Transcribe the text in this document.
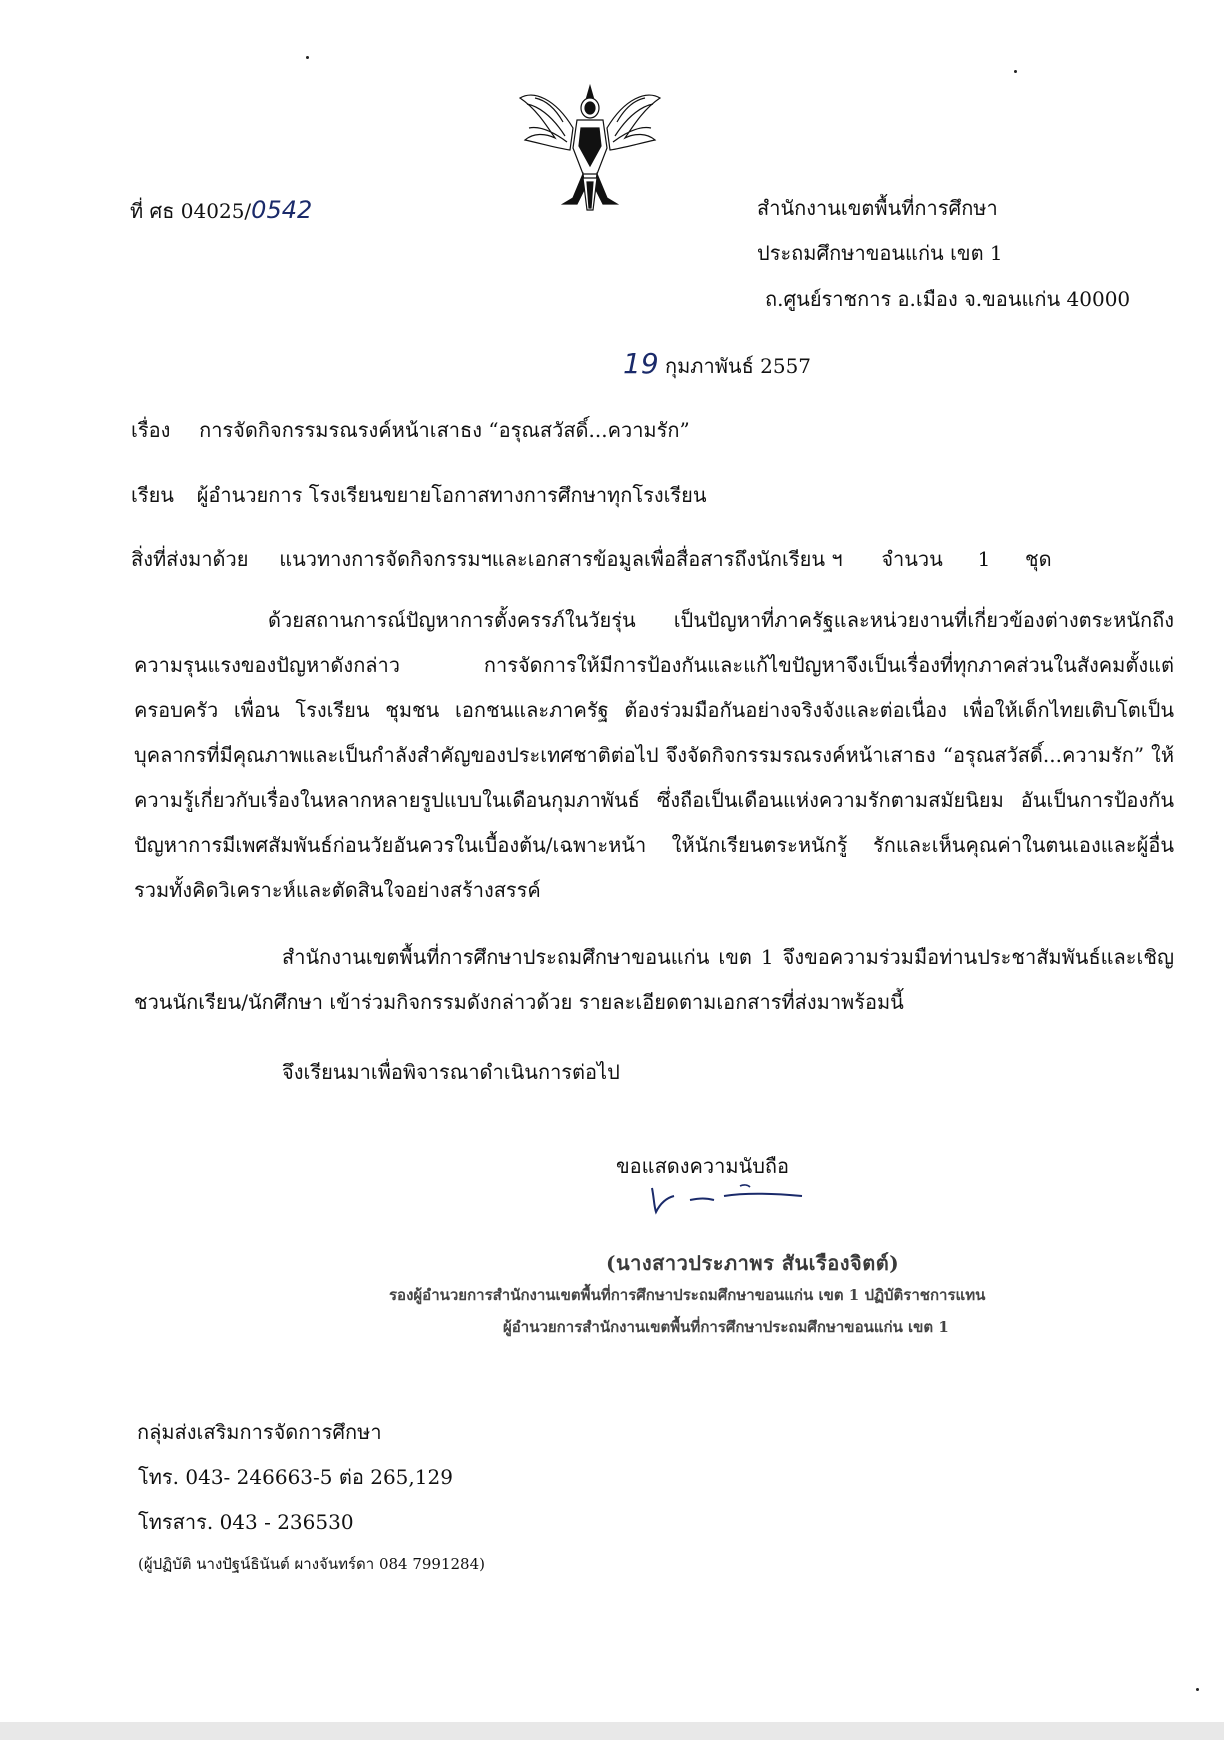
ที่ ศธ 04025/0542	สำนักงานเขตพื้นที่การศึกษา
ประถมศึกษาขอนแก่น เขต 1
ถ.ศูนย์ราชการ อ.เมือง จ.ขอนแก่น 40000
19 กุมภาพันธ์ 2557
เรื่อง การจัดกิจกรรมรณรงค์หน้าเสาธง “อรุณสวัสดิ์...ความรัก”
เรียน ผู้อำนวยการ โรงเรียนขยายโอกาสทางการศึกษาทุกโรงเรียน
สิ่งที่ส่งมาด้วย แนวทางการจัดกิจกรรมฯและเอกสารข้อมูลเพื่อสื่อสารถึงนักเรียน ฯ จำนวน 1 ชุด
ด้วยสถานการณ์ปัญหาการตั้งครรภ์ในวัยรุ่น เป็นปัญหาที่ภาครัฐและหน่วยงานที่เกี่ยวข้องต่างตระหนักถึงความรุนแรงของปัญหาดังกล่าว การจัดการให้มีการป้องกันและแก้ไขปัญหาจึงเป็นเรื่องที่ทุกภาคส่วนในสังคมตั้งแต่ครอบครัว เพื่อน โรงเรียน ชุมชน เอกชนและภาครัฐ ต้องร่วมมือกันอย่างจริงจังและต่อเนื่อง เพื่อให้เด็กไทยเติบโตเป็นบุคลากรที่มีคุณภาพและเป็นกำลังสำคัญของประเทศชาติต่อไป จึงจัดกิจกรรมรณรงค์หน้าเสาธง “อรุณสวัสดิ์...ความรัก” ให้ความรู้เกี่ยวกับเรื่องในหลากหลายรูปแบบในเดือนกุมภาพันธ์ ซึ่งถือเป็นเดือนแห่งความรักตามสมัยนิยม อันเป็นการป้องกันปัญหาการมีเพศสัมพันธ์ก่อนวัยอันควรในเบื้องต้น/เฉพาะหน้า ให้นักเรียนตระหนักรู้ รักและเห็นคุณค่าในตนเองและผู้อื่น รวมทั้งคิดวิเคราะห์และตัดสินใจอย่างสร้างสรรค์
สำนักงานเขตพื้นที่การศึกษาประถมศึกษาขอนแก่น เขต 1 จึงขอความร่วมมือท่านประชาสัมพันธ์และเชิญชวนนักเรียน/นักศึกษา เข้าร่วมกิจกรรมดังกล่าวด้วย รายละเอียดตามเอกสารที่ส่งมาพร้อมนี้
จึงเรียนมาเพื่อพิจารณาดำเนินการต่อไป
ขอแสดงความนับถือ
(นางสาวประภาพร สันเรืองจิตต์)
รองผู้อำนวยการสำนักงานเขตพื้นที่การศึกษาประถมศึกษาขอนแก่น เขต 1 ปฏิบัติราชการแทน
ผู้อำนวยการสำนักงานเขตพื้นที่การศึกษาประถมศึกษาขอนแก่น เขต 1
กลุ่มส่งเสริมการจัดการศึกษา
โทร. 043- 246663-5 ต่อ 265,129
โทรสาร. 043 - 236530
(ผู้ปฏิบัติ นางปัฐน์ธินันต์ ผางจันทร์ดา 084 7991284)
